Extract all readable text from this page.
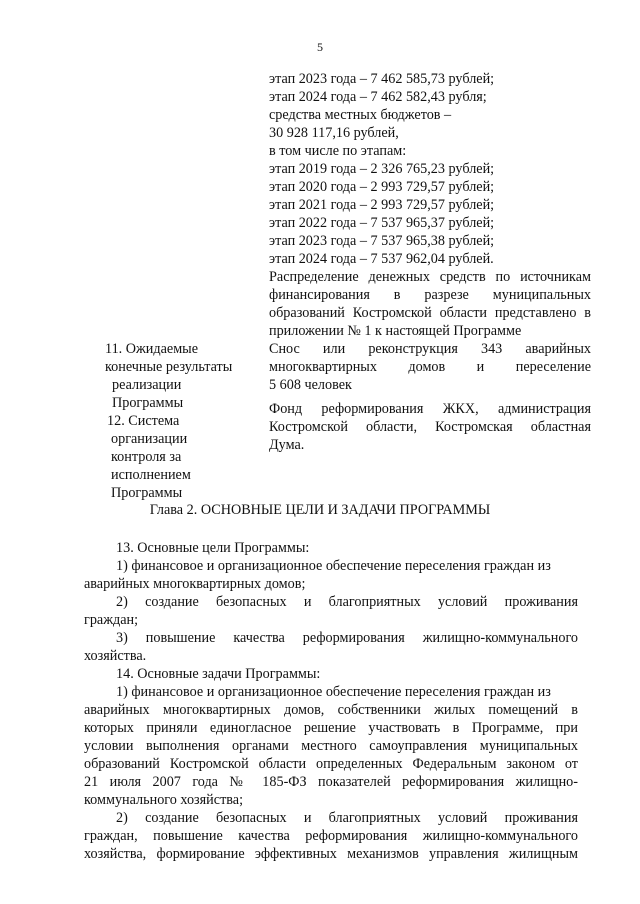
5
этап 2023 года – 7 462 585,73 рублей;
этап 2024 года – 7 462 582,43 рубля;
средства местных бюджетов –
30 928 117,16 рублей,
в том числе по этапам:
этап 2019 года – 2 326 765,23 рублей;
этап 2020 года – 2 993 729,57 рублей;
этап 2021 года – 2 993 729,57 рублей;
этап 2022 года – 7 537 965,37 рублей;
этап 2023 года – 7 537 965,38 рублей;
этап 2024 года – 7 537 962,04 рублей.
Распределение денежных средств по источникам
финансирования в разрезе муниципальных
образований Костромской области представлено в
приложении № 1 к настоящей Программе
11. Ожидаемые
конечные результаты
реализации
Программы
Снос или реконструкция 343 аварийных
многоквартирных домов и переселение
5 608 человек
12. Система
организации
контроля за
исполнением
Программы
Фонд реформирования ЖКХ, администрация
Костромской области, Костромская областная
Дума.
Глава 2. ОСНОВНЫЕ ЦЕЛИ И ЗАДАЧИ ПРОГРАММЫ
13. Основные цели Программы:
1) финансовое и организационное обеспечение переселения граждан из
аварийных многоквартирных домов;
2) создание безопасных и благоприятных условий проживания
граждан;
3) повышение качества реформирования жилищно-коммунального
хозяйства.
14. Основные задачи Программы:
1) финансовое и организационное обеспечение переселения граждан из
аварийных многоквартирных домов, собственники жилых помещений в
которых приняли единогласное решение участвовать в Программе, при
условии выполнения органами местного самоуправления муниципальных
образований Костромской области определенных Федеральным законом от
21 июля 2007 года № 185-ФЗ показателей реформирования жилищно-
коммунального хозяйства;
2) создание безопасных и благоприятных условий проживания
граждан, повышение качества реформирования жилищно-коммунального
хозяйства, формирование эффективных механизмов управления жилищным
